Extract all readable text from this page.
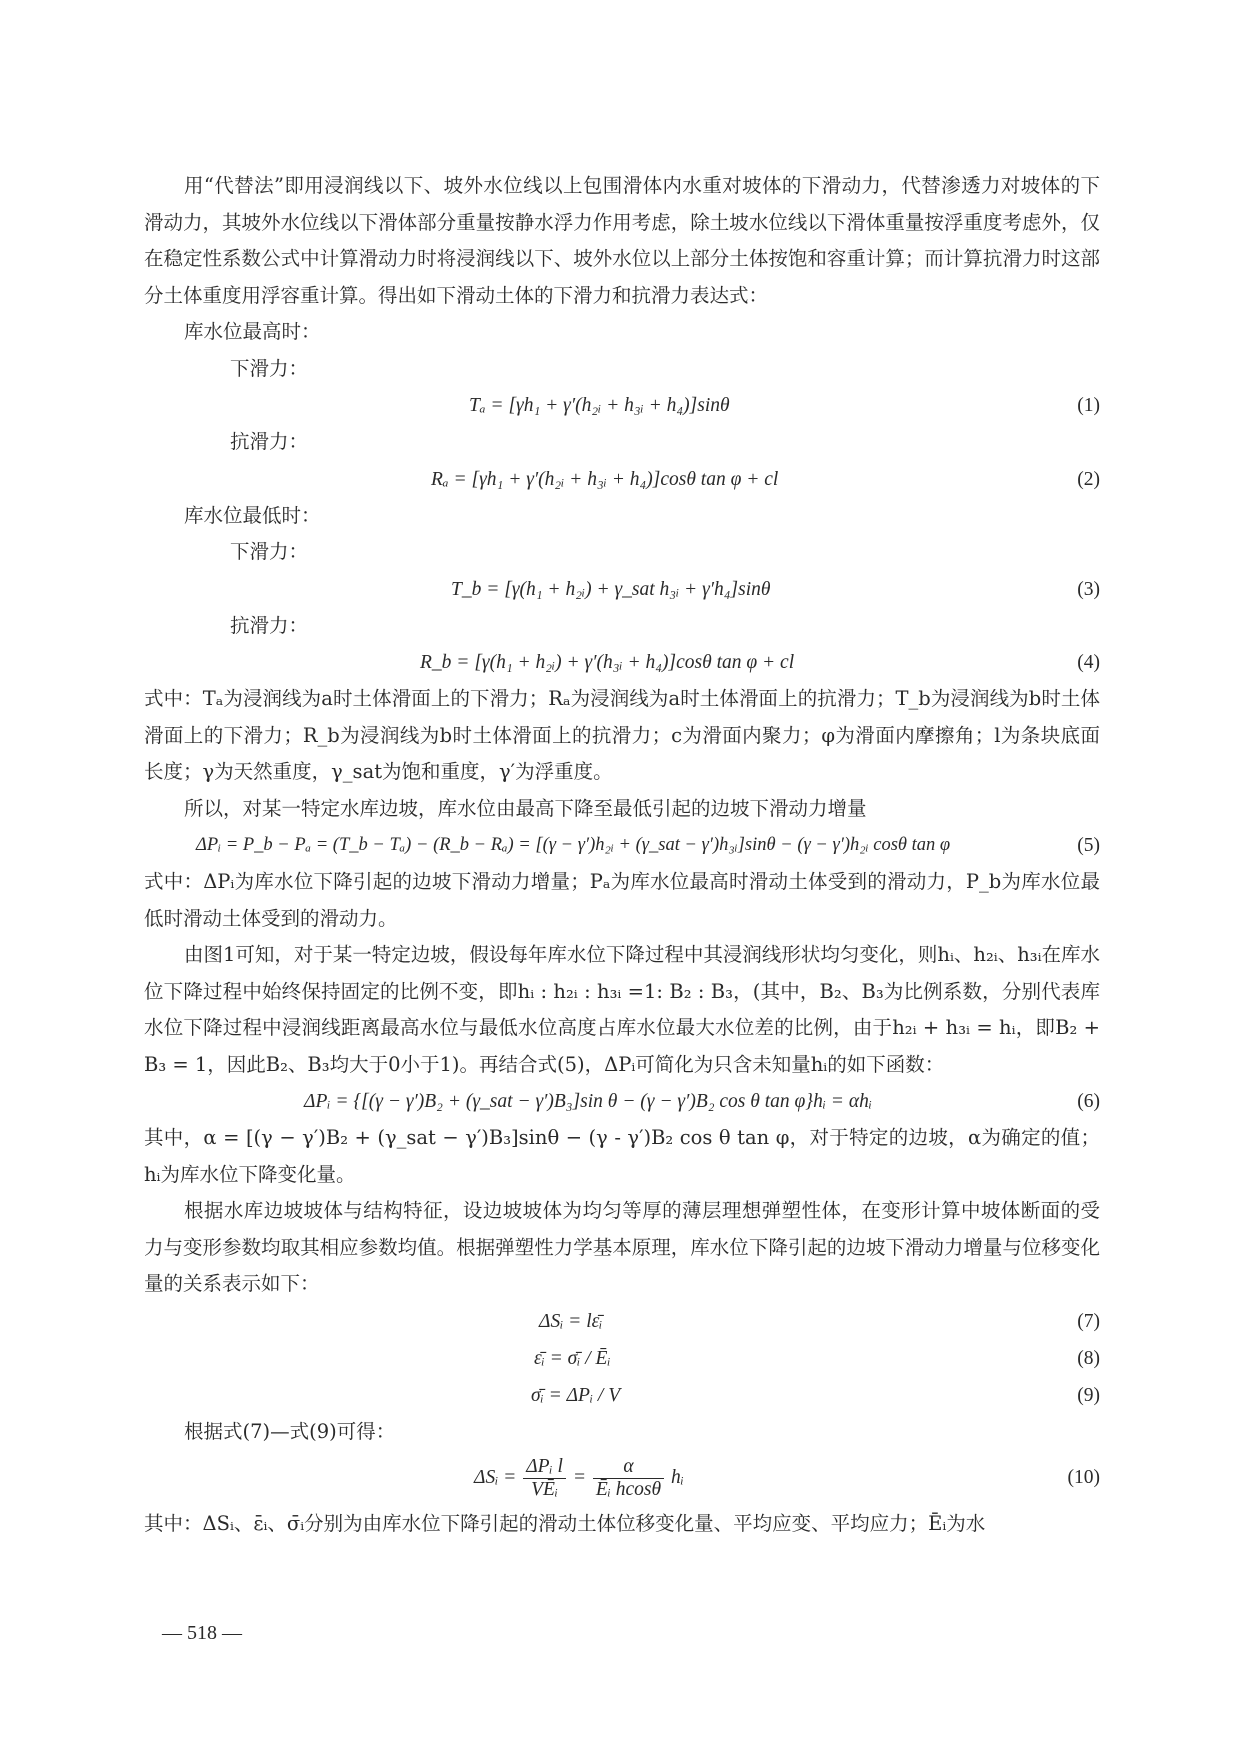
用“代替法”即用浸润线以下、坡外水位线以上包围滑体内水重对坡体的下滑动力，代替渗透力对坡体的下滑动力，其坡外水位线以下滑体部分重量按静水浮力作用考虑，除土坡水位线以下滑体重量按浮重度考虑外，仅在稳定性系数公式中计算滑动力时将浸润线以下、坡外水位以上部分土体按饱和容重计算；而计算抗滑力时这部分土体重度用浮容重计算。得出如下滑动土体的下滑力和抗滑力表达式：

库水位最高时：

下滑力：

Tₐ = [γh₁ + γ′(h₂ᵢ + h₃ᵢ + h₄)]sinθ	(1)

抗滑力：

Rₐ = [γh₁ + γ′(h₂ᵢ + h₃ᵢ + h₄)]cosθ tan φ + cl	(2)

库水位最低时：

下滑力：

T_b = [γ(h₁ + h₂ᵢ) + γ_sat h₃ᵢ + γ′h₄]sinθ	(3)

抗滑力：

R_b = [γ(h₁ + h₂ᵢ) + γ′(h₃ᵢ + h₄)]cosθ tan φ + cl	(4)

式中：Tₐ为浸润线为a时土体滑面上的下滑力；Rₐ为浸润线为a时土体滑面上的抗滑力；T_b为浸润线为b时土体滑面上的下滑力；R_b为浸润线为b时土体滑面上的抗滑力；c为滑面内聚力；φ为滑面内摩擦角；l为条块底面长度；γ为天然重度，γ_sat为饱和重度，γ′为浮重度。

所以，对某一特定水库边坡，库水位由最高下降至最低引起的边坡下滑动力增量

ΔPᵢ = P_b − Pₐ = (T_b − Tₐ) − (R_b − Rₐ) = [(γ − γ′)h₂ᵢ + (γ_sat − γ′)h₃ᵢ]sinθ − (γ − γ′)h₂ᵢ cosθ tan φ	(5)

式中：ΔPᵢ为库水位下降引起的边坡下滑动力增量；Pₐ为库水位最高时滑动土体受到的滑动力，P_b为库水位最低时滑动土体受到的滑动力。

由图1可知，对于某一特定边坡，假设每年库水位下降过程中其浸润线形状均匀变化，则hᵢ、h₂ᵢ、h₃ᵢ在库水位下降过程中始终保持固定的比例不变，即hᵢ : h₂ᵢ : h₃ᵢ =1: B₂ : B₃，(其中，B₂、B₃为比例系数，分别代表库水位下降过程中浸润线距离最高水位与最低水位高度占库水位最大水位差的比例，由于h₂ᵢ + h₃ᵢ = hᵢ，即B₂ + B₃ = 1，因此B₂、B₃均大于0小于1)。再结合式(5)，ΔPᵢ可简化为只含未知量hᵢ的如下函数：

ΔPᵢ = {[(γ − γ′)B₂ + (γ_sat − γ′)B₃]sin θ − (γ − γ′)B₂ cos θ tan φ}hᵢ = αhᵢ	(6)

其中，α = [(γ − γ′)B₂ + (γ_sat − γ′)B₃]sinθ − (γ - γ′)B₂ cos θ tan φ，对于特定的边坡，α为确定的值；hᵢ为库水位下降变化量。

根据水库边坡坡体与结构特征，设边坡坡体为均匀等厚的薄层理想弹塑性体，在变形计算中坡体断面的受力与变形参数均取其相应参数均值。根据弹塑性力学基本原理，库水位下降引起的边坡下滑动力增量与位移变化量的关系表示如下：

ΔSᵢ = lε̄ᵢ	(7)
ε̄ᵢ = σ̄ᵢ / Ēᵢ	(8)
σ̄ᵢ = ΔPᵢ / V	(9)

根据式(7)—式(9)可得：

ΔSᵢ = $\frac{\text{ΔPᵢ l}}{\text{VĒᵢ}} = \frac{\alpha}{\text{Ēᵢ hcosθ}}$ hᵢ	(10)

其中：ΔSᵢ、ε̄ᵢ、σ̄ᵢ分别为由库水位下降引起的滑动土体位移变化量、平均应变、平均应力；Ēᵢ为水

— 518 —
